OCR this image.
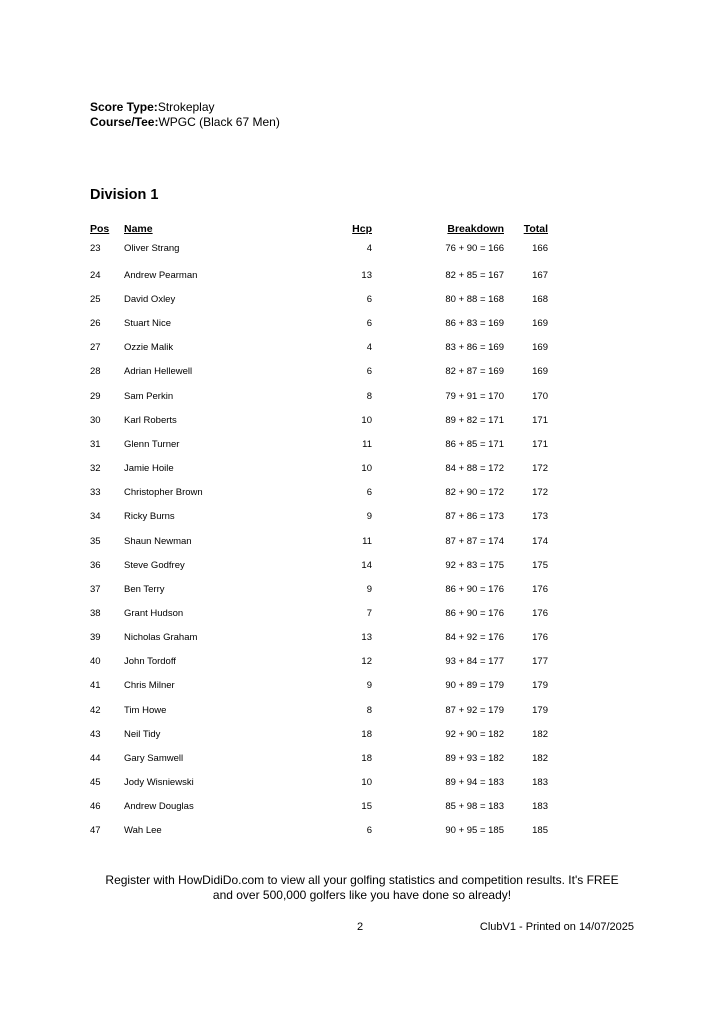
Score Type:Strokeplay
Course/Tee:WPGC (Black 67 Men)
Division 1
Pos Name	Hcp	Breakdown	Total
23 Oliver Strang	4	76 + 90 = 166	166
24 Andrew Pearman	13	82 + 85 = 167	167
25 David Oxley	6	80 + 88 = 168	168
26 Stuart Nice	6	86 + 83 = 169	169
27 Ozzie Malik	4	83 + 86 = 169	169
28 Adrian Hellewell	6	82 + 87 = 169	169
29 Sam Perkin	8	79 + 91 = 170	170
30 Karl Roberts	10	89 + 82 = 171	171
31 Glenn Turner	11	86 + 85 = 171	171
32 Jamie Hoile	10	84 + 88 = 172	172
33 Christopher Brown	6	82 + 90 = 172	172
34 Ricky Burns	9	87 + 86 = 173	173
35 Shaun Newman	11	87 + 87 = 174	174
36 Steve Godfrey	14	92 + 83 = 175	175
37 Ben Terry	9	86 + 90 = 176	176
38 Grant Hudson	7	86 + 90 = 176	176
39 Nicholas Graham	13	84 + 92 = 176	176
40 John Tordoff	12	93 + 84 = 177	177
41 Chris Milner	9	90 + 89 = 179	179
42 Tim Howe	8	87 + 92 = 179	179
43 Neil Tidy	18	92 + 90 = 182	182
44 Gary Samwell	18	89 + 93 = 182	182
45 Jody Wisniewski	10	89 + 94 = 183	183
46 Andrew Douglas	15	85 + 98 = 183	183
47 Wah Lee	6	90 + 95 = 185	185
Register with HowDidiDo.com to view all your golfing statistics and competition results. It's FREE
and over 500,000 golfers like you have done so already!
2	ClubV1 - Printed on 14/07/2025
